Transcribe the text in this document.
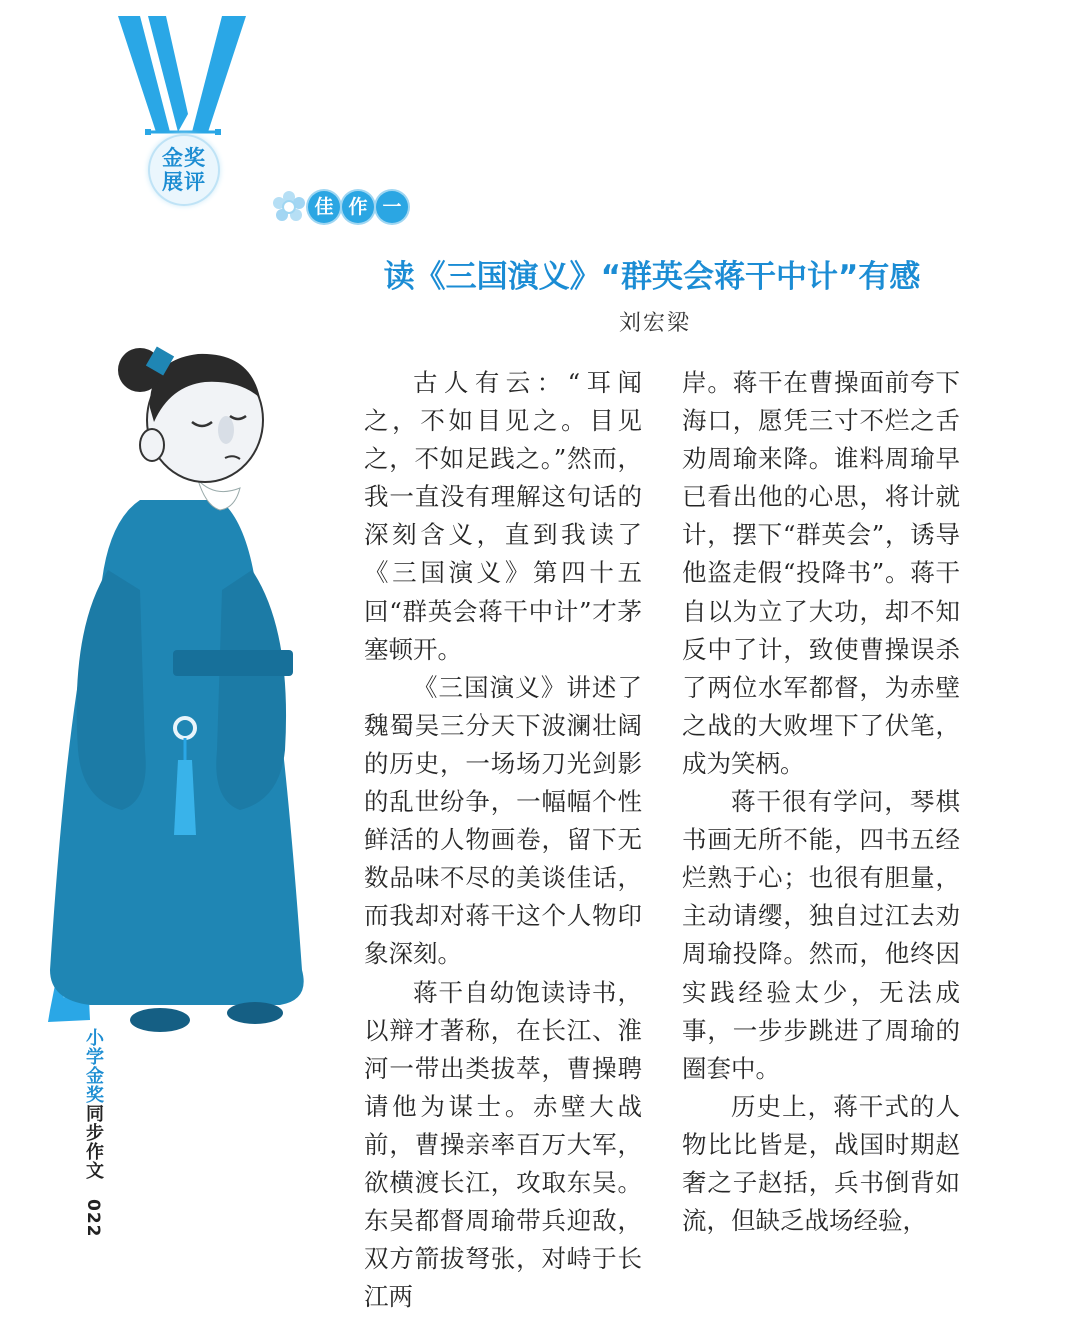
金奖
展评
佳 作 一
读《三国演义》“群英会蒋干中计”有感
刘宏梁

古人有云：“耳闻之，不如目见之。目见之，不如足践之。”然而，我一直没有理解这句话的深刻含义，直到我读了《三国演义》第四十五回“群英会蒋干中计”才茅塞顿开。

《三国演义》讲述了魏蜀吴三分天下波澜壮阔的历史，一场场刀光剑影的乱世纷争，一幅幅个性鲜活的人物画卷，留下无数品味不尽的美谈佳话，而我却对蒋干这个人物印象深刻。

蒋干自幼饱读诗书，以辩才著称，在长江、淮河一带出类拔萃，曹操聘请他为谋士。赤壁大战前，曹操亲率百万大军，欲横渡长江，攻取东吴。东吴都督周瑜带兵迎敌，双方箭拔弩张，对峙于长江两

岸。蒋干在曹操面前夸下海口，愿凭三寸不烂之舌劝周瑜来降。谁料周瑜早已看出他的心思，将计就计，摆下“群英会”，诱导他盗走假“投降书”。蒋干自以为立了大功，却不知反中了计，致使曹操误杀了两位水军都督，为赤壁之战的大败埋下了伏笔，成为笑柄。

蒋干很有学问，琴棋书画无所不能，四书五经烂熟于心；也很有胆量，主动请缨，独自过江去劝周瑜投降。然而，他终因实践经验太少，无法成事，一步步跳进了周瑜的圈套中。

历史上，蒋干式的人物比比皆是，战国时期赵奢之子赵括，兵书倒背如流，但缺乏战场经验，

小学金奖同步作文 022
